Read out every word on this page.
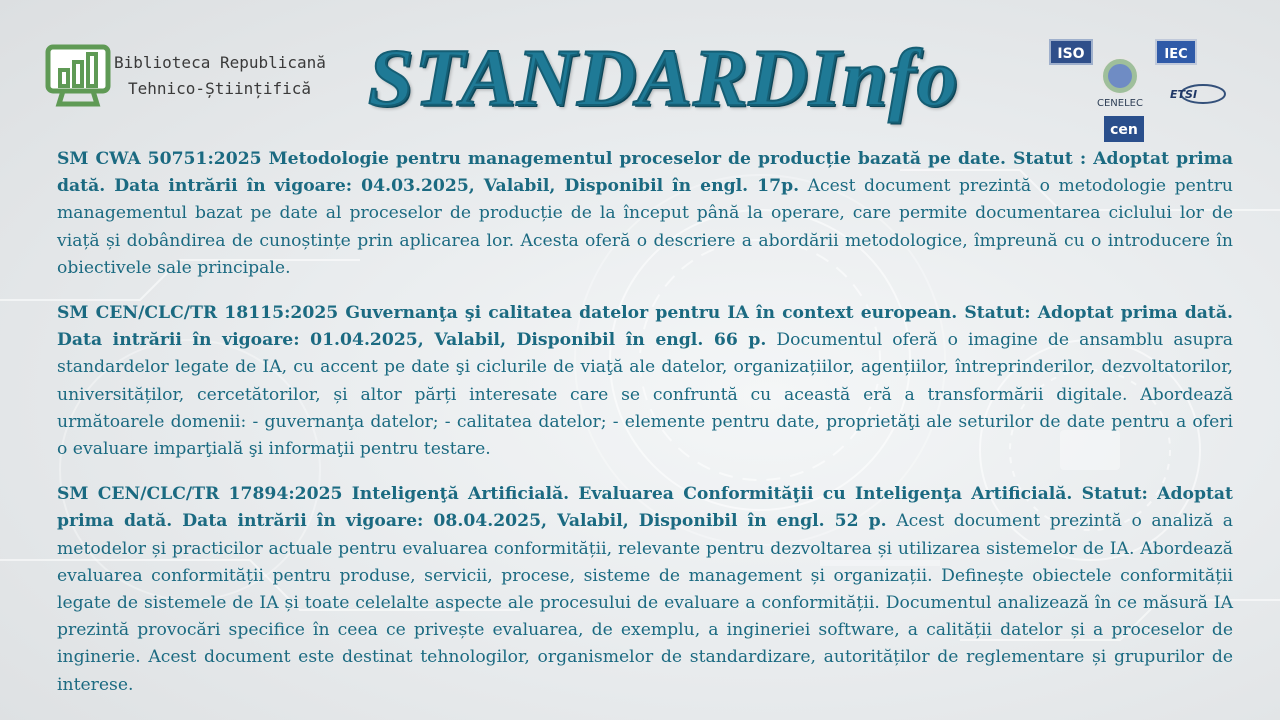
Biblioteca Republicană
Tehnico-Științifică STANDARDInfo	ISO
CENELEC
IEC
ETSI
cen

SM CWA 50751:2025 Metodologie pentru managementul proceselor de producție bazată pe date. Statut : Adoptat prima dată. Data intrării în vigoare: 04.03.2025, Valabil, Disponibil în engl. 17p. Acest document prezintă o metodologie pentru managementul bazat pe date al proceselor de producție de la început până la operare, care permite documentarea ciclului lor de viață și dobândirea de cunoștințe prin aplicarea lor. Acesta oferă o descriere a abordării metodologice, împreună cu o introducere în obiectivele sale principale.

SM CEN/CLC/TR 18115:2025 Guvernanţa şi calitatea datelor pentru IA în context european. Statut: Adoptat prima dată. Data intrării în vigoare: 01.04.2025, Valabil, Disponibil în engl. 66 p. Documentul oferă o imagine de ansamblu asupra standardelor legate de IA, cu accent pe date şi ciclurile de viaţă ale datelor, organizațiilor, agențiilor, întreprinderilor, dezvoltatorilor, universităților, cercetătorilor, și altor părți interesate care se confruntă cu această eră a transformării digitale. Abordează următoarele domenii: - guvernanţa datelor; - calitatea datelor; - elemente pentru date, proprietăţi ale seturilor de date pentru a oferi o evaluare imparţială şi informaţii pentru testare.

SM CEN/CLC/TR 17894:2025 Inteligenţă Artificială. Evaluarea Conformităţii cu Inteligenţa Artificială. Statut: Adoptat prima dată. Data intrării în vigoare: 08.04.2025, Valabil, Disponibil în engl. 52 p. Acest document prezintă o analiză a metodelor și practicilor actuale pentru evaluarea conformității, relevante pentru dezvoltarea și utilizarea sistemelor de IA. Abordează evaluarea conformității pentru produse, servicii, procese, sisteme de management și organizații. Definește obiectele conformității legate de sistemele de IA și toate celelalte aspecte ale procesului de evaluare a conformității. Documentul analizează în ce măsură IA prezintă provocări specifice în ceea ce privește evaluarea, de exemplu, a ingineriei software, a calității datelor și a proceselor de inginerie. Acest document este destinat tehnologilor, organismelor de standardizare, autorităților de reglementare și grupurilor de interese.
